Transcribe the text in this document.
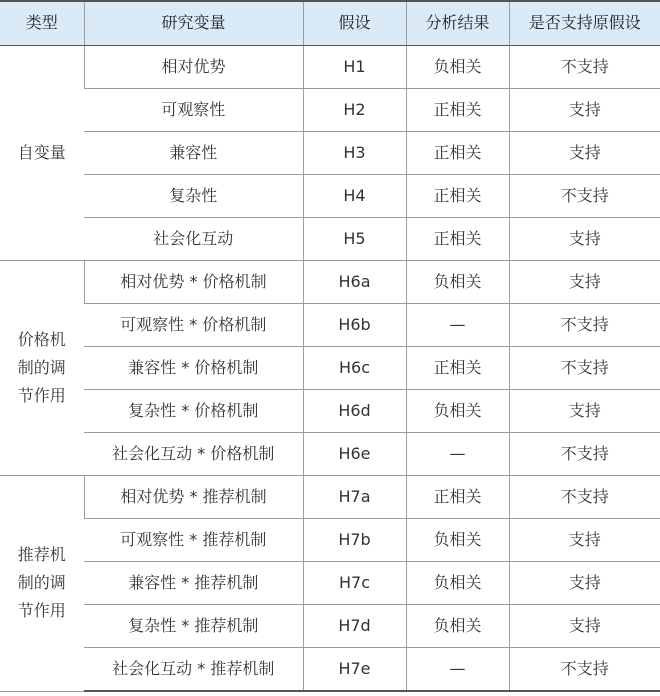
类型	研究变量	假设	分析结果	是否支持原假设
自变量	相对优势	H1	负相关	不支持
	可观察性	H2	正相关	支持
	兼容性	H3	正相关	支持
	复杂性	H4	正相关	不支持
	社会化互动	H5	正相关	支持
价格机制的调节作用	相对优势 * 价格机制	H6a	负相关	支持
	可观察性 * 价格机制	H6b	—	不支持
	兼容性 * 价格机制	H6c	正相关	不支持
	复杂性 * 价格机制	H6d	负相关	支持
	社会化互动 * 价格机制	H6e	—	不支持
推荐机制的调节作用	相对优势 * 推荐机制	H7a	正相关	不支持
	可观察性 * 推荐机制	H7b	负相关	支持
	兼容性 * 推荐机制	H7c	负相关	支持
	复杂性 * 推荐机制	H7d	负相关	支持
	社会化互动 * 推荐机制	H7e	—	不支持
